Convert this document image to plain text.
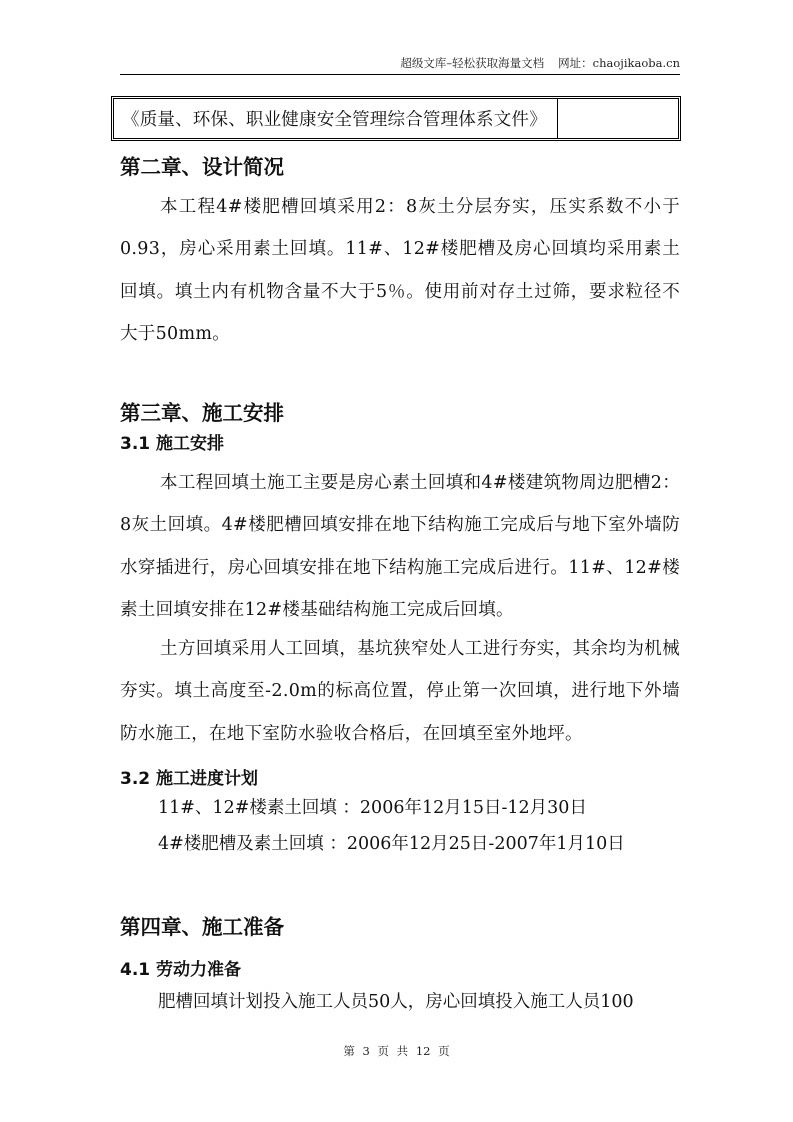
超级文库–轻松获取海量文档 网址：chaojikaoba.cn
《质量、环保、职业健康安全管理综合管理体系文件》
第二章、设计简况
本工程4#楼肥槽回填采用2：8灰土分层夯实，压实系数不小于0.93，房心采用素土回填。11#、12#楼肥槽及房心回填均采用素土回填。填土内有机物含量不大于5％。使用前对存土过筛，要求粒径不大于50mm。
第三章、施工安排
3.1 施工安排
本工程回填土施工主要是房心素土回填和4#楼建筑物周边肥槽2：8灰土回填。4#楼肥槽回填安排在地下结构施工完成后与地下室外墙防水穿插进行，房心回填安排在地下结构施工完成后进行。11#、12#楼素土回填安排在12#楼基础结构施工完成后回填。
土方回填采用人工回填，基坑狭窄处人工进行夯实，其余均为机械夯实。填土高度至-2.0m的标高位置，停止第一次回填，进行地下外墙防水施工，在地下室防水验收合格后，在回填至室外地坪。
3.2 施工进度计划
11#、12#楼素土回填 ：2006年12月15日-12月30日
4#楼肥槽及素土回填 ：2006年12月25日-2007年1月10日
第四章、施工准备
4.1 劳动力准备
肥槽回填计划投入施工人员50人，房心回填投入施工人员100
第 3 页 共 12 页
